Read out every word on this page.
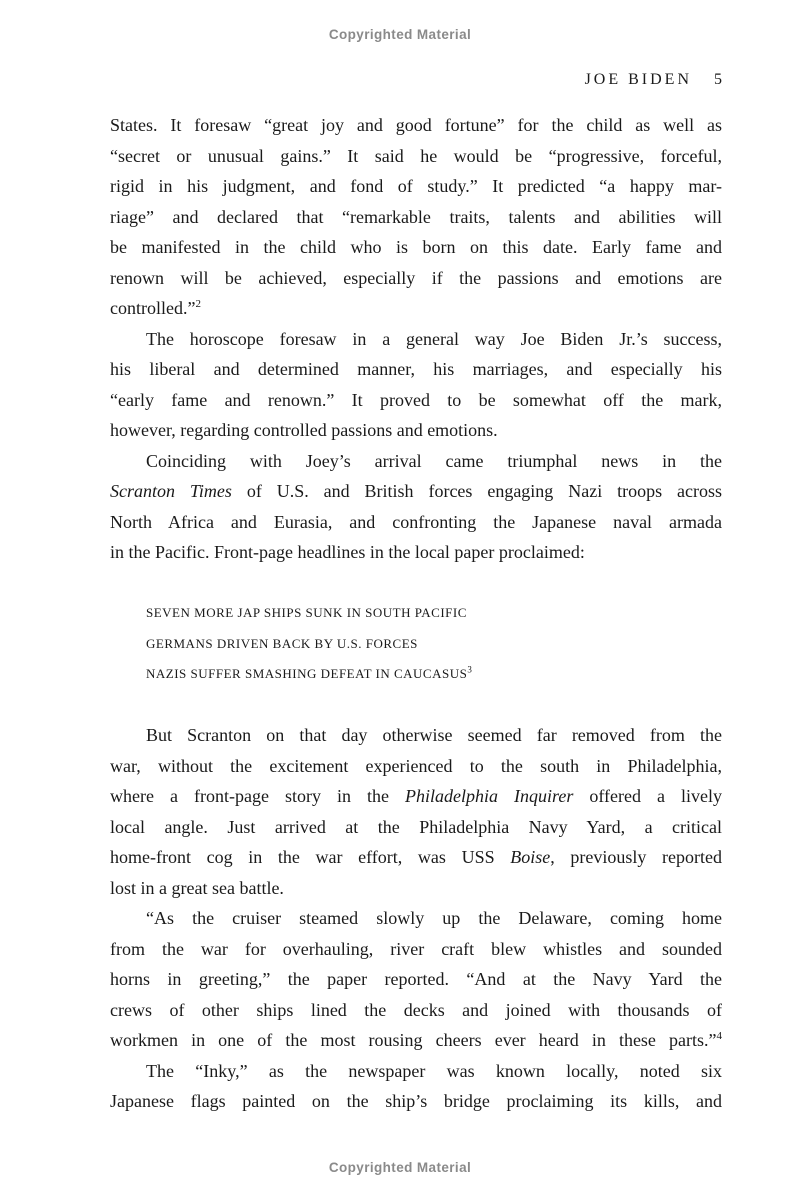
Copyrighted Material
JOE BIDEN 5
States. It foresaw “great joy and good fortune” for the child as well as
“secret or unusual gains.” It said he would be “progressive, forceful,
rigid in his judgment, and fond of study.” It predicted “a happy mar-
riage” and declared that “remarkable traits, talents and abilities will
be manifested in the child who is born on this date. Early fame and
renown will be achieved, especially if the passions and emotions are
controlled.”$^2$
The horoscope foresaw in a general way Joe Biden Jr.’s success,
his liberal and determined manner, his marriages, and especially his
“early fame and renown.” It proved to be somewhat off the mark,
however, regarding controlled passions and emotions.
Coinciding with Joey’s arrival came triumphal news in the
Scranton Times of U.S. and British forces engaging Nazi troops across
North Africa and Eurasia, and confronting the Japanese naval armada
in the Pacific. Front-page headlines in the local paper proclaimed:
SEVEN MORE JAP SHIPS SUNK IN SOUTH PACIFIC
GERMANS DRIVEN BACK BY U.S. FORCES
NAZIS SUFFER SMASHING DEFEAT IN CAUCASUS$^3$
But Scranton on that day otherwise seemed far removed from the
war, without the excitement experienced to the south in Philadelphia,
where a front-page story in the Philadelphia Inquirer offered a lively
local angle. Just arrived at the Philadelphia Navy Yard, a critical
home-front cog in the war effort, was USS Boise, previously reported
lost in a great sea battle.
“As the cruiser steamed slowly up the Delaware, coming home
from the war for overhauling, river craft blew whistles and sounded
horns in greeting,” the paper reported. “And at the Navy Yard the
crews of other ships lined the decks and joined with thousands of
workmen in one of the most rousing cheers ever heard in these parts.”$^4$
The “Inky,” as the newspaper was known locally, noted six
Japanese flags painted on the ship’s bridge proclaiming its kills, and
Copyrighted Material
